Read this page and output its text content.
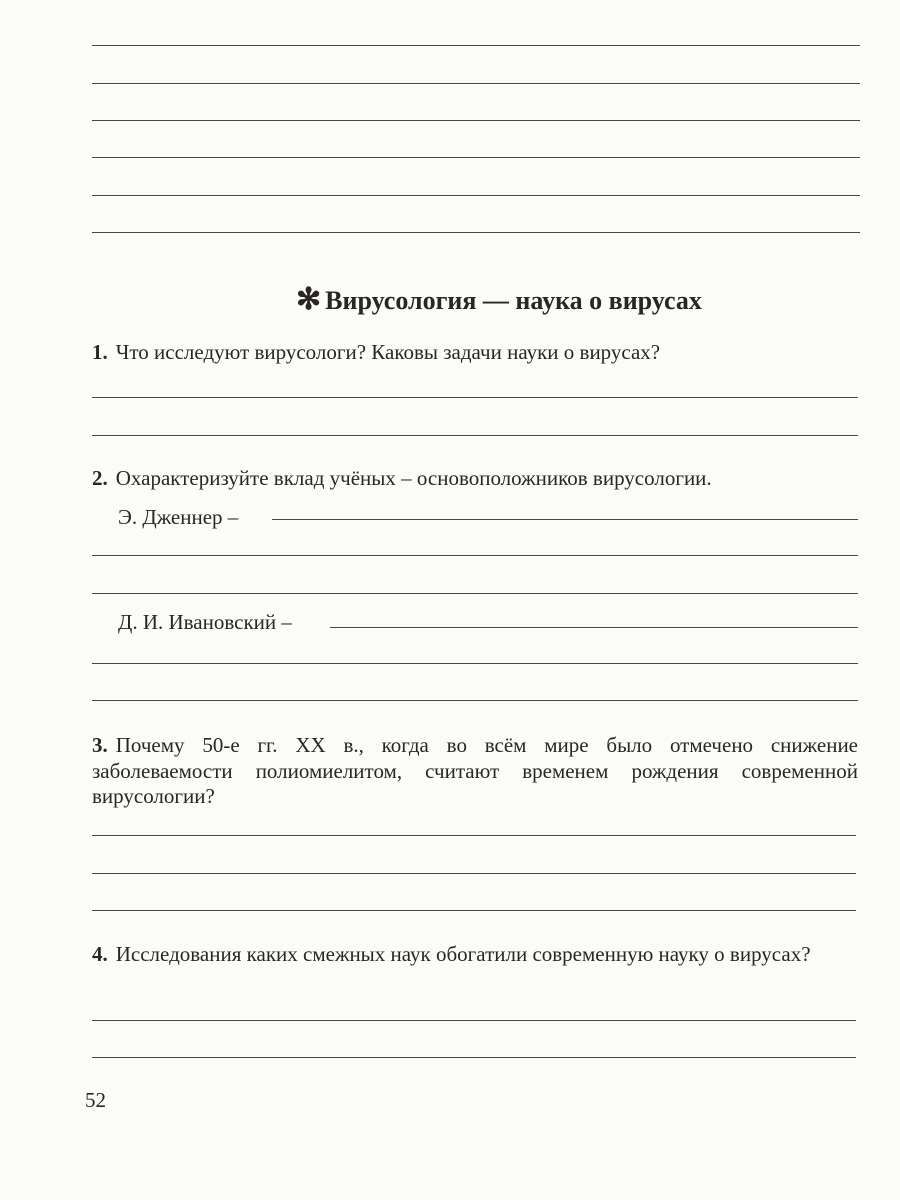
✻ Вирусология — наука о вирусах
1. Что исследуют вирусологи? Каковы задачи науки о вирусах?
2. Охарактеризуйте вклад учёных – основоположников вирусологии.
Э. Дженнер –
Д. И. Ивановский –
3. Почему 50-е гг. XX в., когда во всём мире было отмечено снижение заболеваемости полиомиелитом, считают временем рождения современной вирусологии?
4. Исследования каких смежных наук обогатили современную науку о вирусах?
52
